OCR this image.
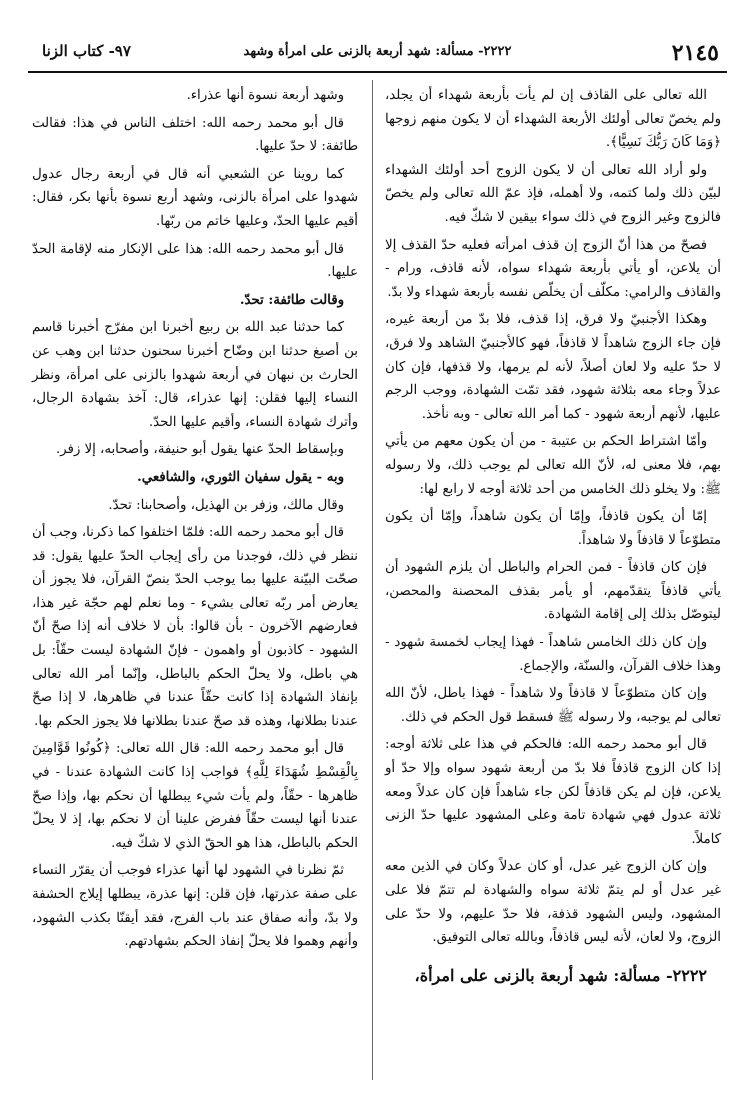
٢١٤٥
٢٢٢٢- مسألة: شهد أربعة بالزنى على امرأة وشهد
٩٧- كتاب الزنا

الله تعالى على القاذف إن لم يأت بأربعة شهداء أن يجلد، ولم يخصّ تعالى أولئك الأربعة الشهداء أن لا يكون منهم زوجها ﴿وَمَا كَانَ رَبُّكَ نَسِيًّا﴾.

ولو أراد الله تعالى أن لا يكون الزوج أحد أولئك الشهداء لبيّن ذلك ولما كتمه، ولا أهمله، فإذ عمّ الله تعالى ولم يخصّ فالزوج وغير الزوج في ذلك سواء بيقين لا شكّ فيه.

فصحّ من هذا أنّ الزوج إن قذف امرأته فعليه حدّ القذف إلا أن يلاعن، أو يأتي بأربعة شهداء سواه، لأنه قاذف، ورام - والقاذف والرامي: مكلّف أن يخلّص نفسه بأربعة شهداء ولا بدّ.

وهكذا الأجنبيّ ولا فرق، إذا قذف، فلا بدّ من أربعة غيره، فإن جاء الزوج شاهداً لا قاذفاً، فهو كالأجنبيّ الشاهد ولا فرق، لا حدّ عليه ولا لعان أصلاً، لأنه لم يرمها، ولا قذفها، فإن كان عدلاً وجاء معه بثلاثة شهود، فقد تمّت الشهادة، ووجب الرجم عليها، لأنهم أربعة شهود - كما أمر الله تعالى - وبه نأخذ.

وأمّا اشتراط الحكم بن عتيبة - من أن يكون معهم من يأتي بهم، فلا معنى له، لأنّ الله تعالى لم يوجب ذلك، ولا رسوله ﷺ: ولا يخلو ذلك الخامس من أحد ثلاثة أوجه لا رابع لها:

إمّا أن يكون قاذفاً، وإمّا أن يكون شاهداً، وإمّا أن يكون متطوّعاً لا قاذفاً ولا شاهداً.

فإن كان قاذفاً - فمن الحرام والباطل أن يلزم الشهود أن يأتي قاذفاً يتقدّمهم، أو يأمر بقذف المحصنة والمحصن، ليتوصّل بذلك إلى إقامة الشهادة.

وإن كان ذلك الخامس شاهداً - فهذا إيجاب لخمسة شهود - وهذا خلاف القرآن، والسنّة، والإجماع.

وإن كان متطوّعاً لا قاذفاً ولا شاهداً - فهذا باطل، لأنّ الله تعالى لم يوجبه، ولا رسوله ﷺ فسقط قول الحكم في ذلك.

قال أبو محمد رحمه الله: فالحكم في هذا على ثلاثة أوجه: إذا كان الزوج قاذفاً فلا بدّ من أربعة شهود سواه وإلا حدّ أو يلاعن، فإن لم يكن قاذفاً لكن جاء شاهداً فإن كان عدلاً ومعه ثلاثة عدول فهي شهادة تامة وعلى المشهود عليها حدّ الزنى كاملاً.

وإن كان الزوج غير عدل، أو كان عدلاً وكان في الذين معه غير عدل أو لم يتمّ ثلاثة سواه والشهادة لم تتمّ فلا على المشهود، وليس الشهود قذفة، فلا حدّ عليهم، ولا حدّ على الزوج، ولا لعان، لأنه ليس قاذفاً، وبالله تعالى التوفيق.

٢٢٢٢- مسألة: شهد أربعة بالزنى على امرأة،

وشهد أربعة نسوة أنها عذراء.

قال أبو محمد رحمه الله: اختلف الناس في هذا: فقالت طائفة: لا حدّ عليها.

كما روينا عن الشعبي أنه قال في أربعة رجال عدول شهدوا على امرأة بالزنى، وشهد أربع نسوة بأنها بكر، فقال: أقيم عليها الحدّ، وعليها خاتم من ربّها.

قال أبو محمد رحمه الله: هذا على الإنكار منه لإقامة الحدّ عليها.

وقالت طائفة: تحدّ.

كما حدثنا عبد الله بن ربيع أخبرنا ابن مفرّج أخبرنا قاسم بن أصبغ حدثنا ابن وضّاح أخبرنا سحنون حدثنا ابن وهب عن الحارث بن نبهان في أربعة شهدوا بالزنى على امرأة، ونظر النساء إليها فقلن: إنها عذراء، قال: آخذ بشهادة الرجال، وأترك شهادة النساء، وأقيم عليها الحدّ.

وبإسقاط الحدّ عنها يقول أبو حنيفة، وأصحابه، إلا زفر.

وبه - يقول سفيان الثوري، والشافعي.

وقال مالك، وزفر بن الهذيل، وأصحابنا: تحدّ.

قال أبو محمد رحمه الله: فلمّا اختلفوا كما ذكرنا، وجب أن ننظر في ذلك، فوجدنا من رأى إيجاب الحدّ عليها يقول: قد صحّت البيّنة عليها بما يوجب الحدّ بنصّ القرآن، فلا يجوز أن يعارض أمر ربّه تعالى بشيء - وما نعلم لهم حجّة غير هذا، فعارضهم الآخرون - بأن قالوا: بأن لا خلاف أنه إذا صحّ أنّ الشهود - كاذبون أو واهمون - فإنّ الشهادة ليست حقّاً: بل هي باطل، ولا يحلّ الحكم بالباطل، وإنّما أمر الله تعالى بإنفاذ الشهادة إذا كانت حقّاً عندنا في ظاهرها، لا إذا صحّ عندنا بطلانها، وهذه قد صحّ عندنا بطلانها فلا يجوز الحكم بها.

قال أبو محمد رحمه الله: قال الله تعالى: ﴿كُونُوا قَوَّامِينَ بِالْقِسْطِ شُهَدَاءَ لِلَّهِ﴾ فواجب إذا كانت الشهادة عندنا - في ظاهرها - حقّاً، ولم يأت شيء يبطلها أن نحكم بها، وإذا صحّ عندنا أنها ليست حقّاً ففرض علينا أن لا نحكم بها، إذ لا يحلّ الحكم بالباطل، هذا هو الحقّ الذي لا شكّ فيه.

ثمّ نظرنا في الشهود لها أنها عذراء فوجب أن يقرّر النساء على صفة عذرتها، فإن قلن: إنها عذرة، يبطلها إيلاج الحشفة ولا بدّ، وأنه صفاق عند باب الفرج، فقد أيقنّا بكذب الشهود، وأنهم وهموا فلا يحلّ إنفاذ الحكم بشهادتهم.
